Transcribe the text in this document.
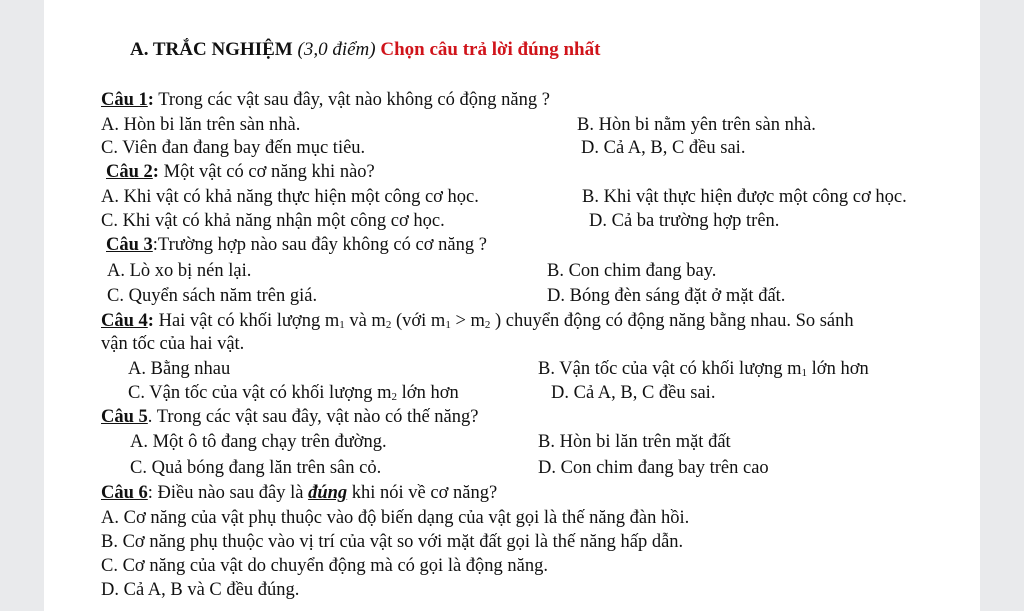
A. TRẮC NGHIỆM (3,0 điểm) Chọn câu trả lời đúng nhất
Câu 1: Trong các vật sau đây, vật nào không có động năng ?
A. Hòn bi lăn trên sàn nhà.	B. Hòn bi nằm yên trên sàn nhà.
C. Viên đan đang bay đến mục tiêu.	D. Cả A, B, C đều sai.
Câu 2: Một vật có cơ năng khi nào?
A. Khi vật có khả năng thực hiện một công cơ học.	B. Khi vật thực hiện được một công cơ học.
C. Khi vật có khả năng nhận một công cơ học.	D. Cả ba trường hợp trên.
Câu 3:Trường hợp nào sau đây không có cơ năng ?
A. Lò xo bị nén lại.	B. Con chim đang bay.
C. Quyển sách năm trên giá.	D. Bóng đèn sáng đặt ở mặt đất.
Câu 4: Hai vật có khối lượng $m_1$ và $m_2$ (với $m_1 > m_2$ ) chuyển động có động năng bằng nhau. So sánh
vận tốc của hai vật.
A. Bằng nhau	B. Vận tốc của vật có khối lượng $m_1$ lớn hơn
C. Vận tốc của vật có khối lượng $m_2$ lớn hơn	D. Cả A, B, C đều sai.
Câu 5. Trong các vật sau đây, vật nào có thế năng?
A. Một ô tô đang chạy trên đường.	B. Hòn bi lăn trên mặt đất
C. Quả bóng đang lăn trên sân cỏ.	D. Con chim đang bay trên cao
Câu 6: Điều nào sau đây là đúng khi nói về cơ năng?
A. Cơ năng của vật phụ thuộc vào độ biến dạng của vật gọi là thế năng đàn hồi.
B. Cơ năng phụ thuộc vào vị trí của vật so với mặt đất gọi là thế năng hấp dẫn.
C. Cơ năng của vật do chuyển động mà có gọi là động năng.
D. Cả A, B và C đều đúng.
